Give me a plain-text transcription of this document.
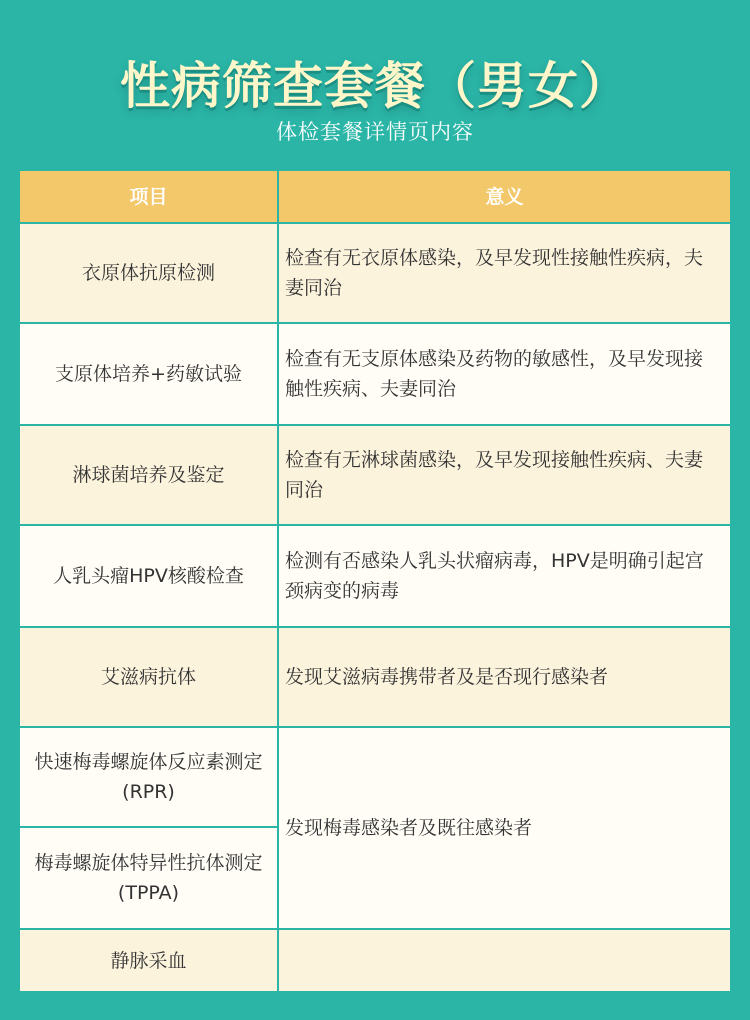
性病筛查套餐（男女）
体检套餐详情页内容
项目	意义
衣原体抗原检测
检查有无衣原体感染，及早发现性接触性疾病，夫妻同治
支原体培养+药敏试验
检查有无支原体感染及药物的敏感性，及早发现接触性疾病、夫妻同治
淋球菌培养及鉴定
检查有无淋球菌感染，及早发现接触性疾病、夫妻同治
人乳头瘤HPV核酸检查
检测有否感染人乳头状瘤病毒，HPV是明确引起宫颈病变的病毒
艾滋病抗体	发现艾滋病毒携带者及是否现行感染者
快速梅毒螺旋体反应素测定(RPR)
发现梅毒感染者及既往感染者
梅毒螺旋体特异性抗体测定(TPPA)
静脉采血
